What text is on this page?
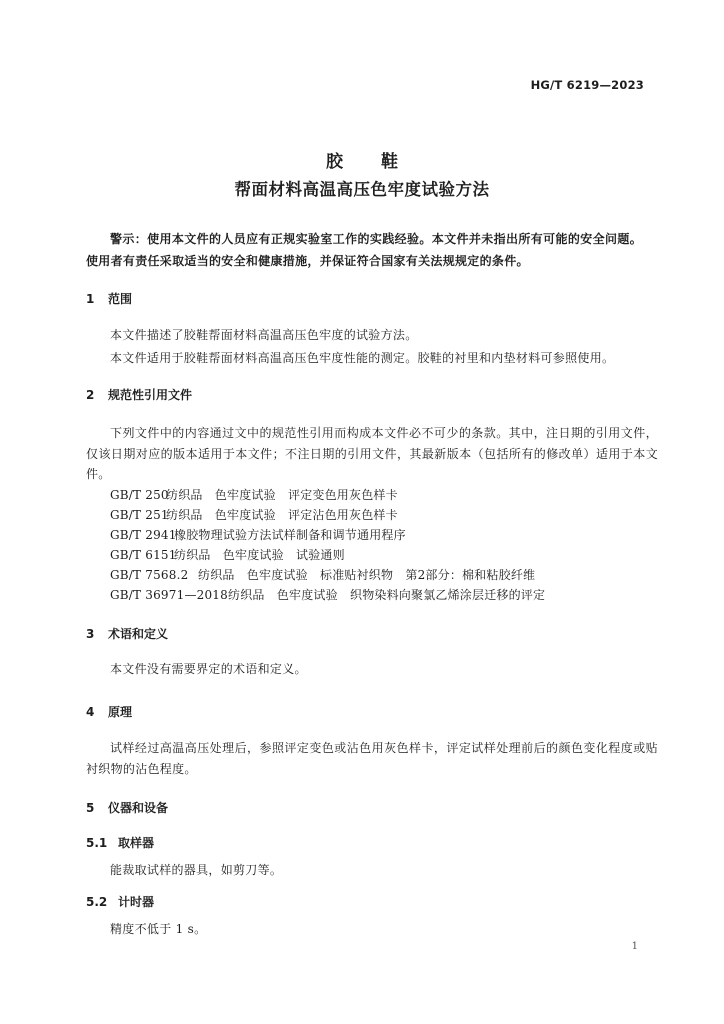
HG/T 6219—2023
胶 鞋
帮面材料高温高压色牢度试验方法
警示：使用本文件的人员应有正规实验室工作的实践经验。本文件并未指出所有可能的安全问题。使用者有责任采取适当的安全和健康措施，并保证符合国家有关法规规定的条件。
1 范围
本文件描述了胶鞋帮面材料高温高压色牢度的试验方法。
本文件适用于胶鞋帮面材料高温高压色牢度性能的测定。胶鞋的衬里和内垫材料可参照使用。
2 规范性引用文件
下列文件中的内容通过文中的规范性引用而构成本文件必不可少的条款。其中，注日期的引用文件，仅该日期对应的版本适用于本文件；不注日期的引用文件，其最新版本（包括所有的修改单）适用于本文件。
GB/T 250纺织品　色牢度试验　评定变色用灰色样卡
GB/T 251纺织品　色牢度试验　评定沾色用灰色样卡
GB/T 2941橡胶物理试验方法试样制备和调节通用程序
GB/T 6151纺织品　色牢度试验　试验通则
GB/T 7568.2 纺织品　色牢度试验　标准贴衬织物　第2部分：棉和粘胶纤维
GB/T 36971—2018纺织品　色牢度试验　织物染料向聚氯乙烯涂层迁移的评定
3 术语和定义
本文件没有需要界定的术语和定义。
4 原理
试样经过高温高压处理后，参照评定变色或沾色用灰色样卡，评定试样处理前后的颜色变化程度或贴衬织物的沾色程度。
5 仪器和设备
5.1 取样器
能裁取试样的器具，如剪刀等。
5.2 计时器
精度不低于 1 s。
1
